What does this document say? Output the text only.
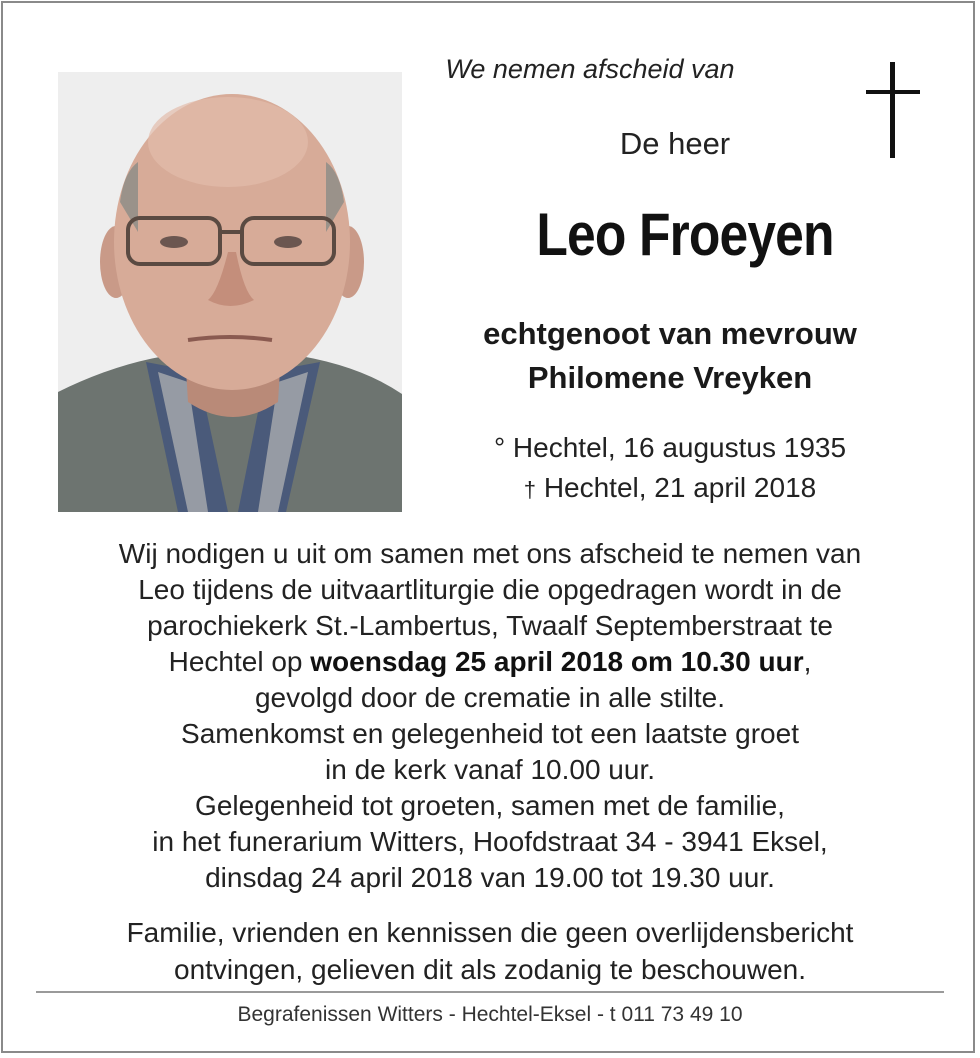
We nemen afscheid van
De heer
Leo Froeyen
echtgenoot van mevrouw
Philomene Vreyken
° Hechtel, 16 augustus 1935
† Hechtel, 21 april 2018
Wij nodigen u uit om samen met ons afscheid te nemen van
Leo tijdens de uitvaartliturgie die opgedragen wordt in de
parochiekerk St.-Lambertus, Twaalf Septemberstraat te
Hechtel op woensdag 25 april 2018 om 10.30 uur,
gevolgd door de crematie in alle stilte.
Samenkomst en gelegenheid tot een laatste groet
in de kerk vanaf 10.00 uur.
Gelegenheid tot groeten, samen met de familie,
in het funerarium Witters, Hoofdstraat 34 - 3941 Eksel,
dinsdag 24 april 2018 van 19.00 tot 19.30 uur.
Familie, vrienden en kennissen die geen overlijdensbericht
ontvingen, gelieven dit als zodanig te beschouwen.
Begrafenissen Witters - Hechtel-Eksel - t 011 73 49 10
